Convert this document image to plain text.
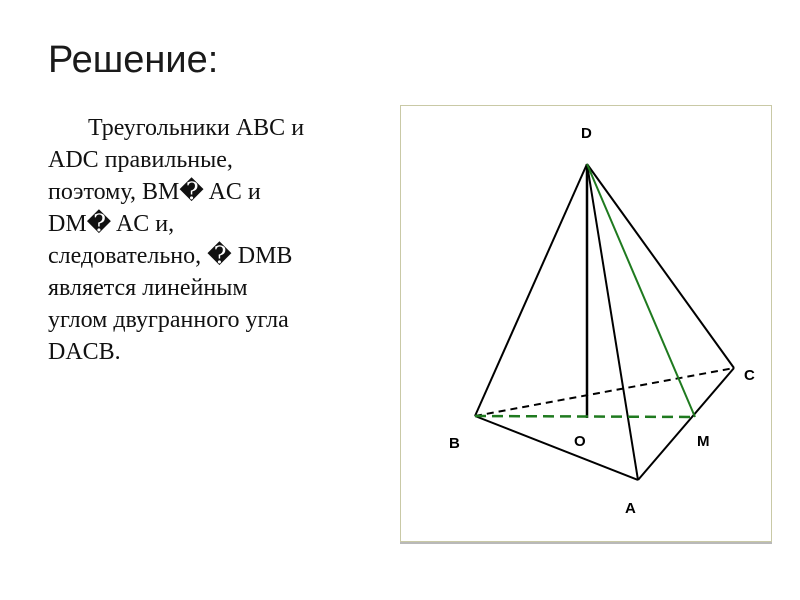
Решение:
Треугольники ABC и
ADC правильные,
поэтому, BM� AC и
DM� AC и,
следовательно, � DMB
является линейным
углом двугранного угла
DACB.
D
C
B	O	M
A
